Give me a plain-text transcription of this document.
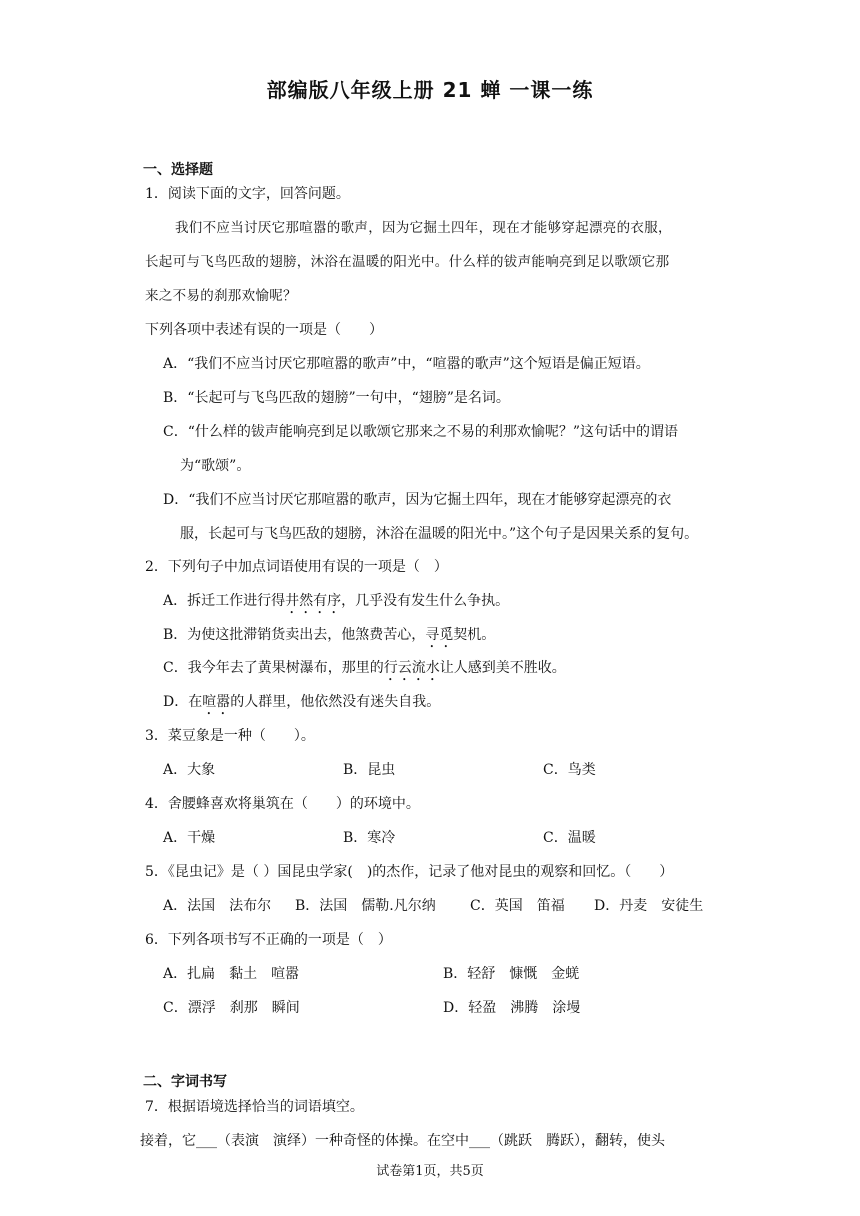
部编版八年级上册 21 蝉 一课一练
一、选择题
1．阅读下面的文字，回答问题。
我们不应当讨厌它那喧嚣的歌声，因为它掘土四年，现在才能够穿起漂亮的衣服，
长起可与飞鸟匹敌的翅膀，沐浴在温暖的阳光中。什么样的钹声能响亮到足以歌颂它那
来之不易的刹那欢愉呢？
下列各项中表述有误的一项是（　　）
A．“我们不应当讨厌它那喧嚣的歌声”中，“喧嚣的歌声”这个短语是偏正短语。
B．“长起可与飞鸟匹敌的翅膀”一句中，“翅膀”是名词。
C．“什么样的钹声能响亮到足以歌颂它那来之不易的利那欢愉呢？”这句话中的谓语
为“歌颂”。
D．“我们不应当讨厌它那喧嚣的歌声，因为它掘土四年，现在才能够穿起漂亮的衣
服，长起可与飞鸟匹敌的翅膀，沐浴在温暖的阳光中。”这个句子是因果关系的复句。
2．下列句子中加点词语使用有误的一项是（　）
A．拆迁工作进行得井然有序，几乎没有发生什么争执。
B．为使这批滞销货卖出去，他煞费苦心，寻觅契机。
C．我今年去了黄果树瀑布，那里的行云流水让人感到美不胜收。
D．在喧嚣的人群里，他依然没有迷失自我。
3．菜豆象是一种（　　）。
A．大象	B．昆虫	C．鸟类
4．舍腰蜂喜欢将巢筑在（　　）的环境中。
A．干燥	B．寒冷	C．温暖
5．《昆虫记》是（ ）国昆虫学家(　)的杰作，记录了他对昆虫的观察和回忆。（　　）
A．法国　法布尔 B．法国　儒勒.凡尔纳 C．英国　笛福 D．丹麦　安徒生
6．下列各项书写不正确的一项是（　）
A．扎扁　黏土　喧嚣	B．轻舒　慷慨　金蜣
C．漂浮　刹那　瞬间	D．轻盈　沸腾　涂墁
二、字词书写
7．根据语境选择恰当的词语填空。
接着，它___（表演　演绎）一种奇怪的体操。在空中___（跳跃　腾跃），翻转，使头
试卷第1页，共5页
